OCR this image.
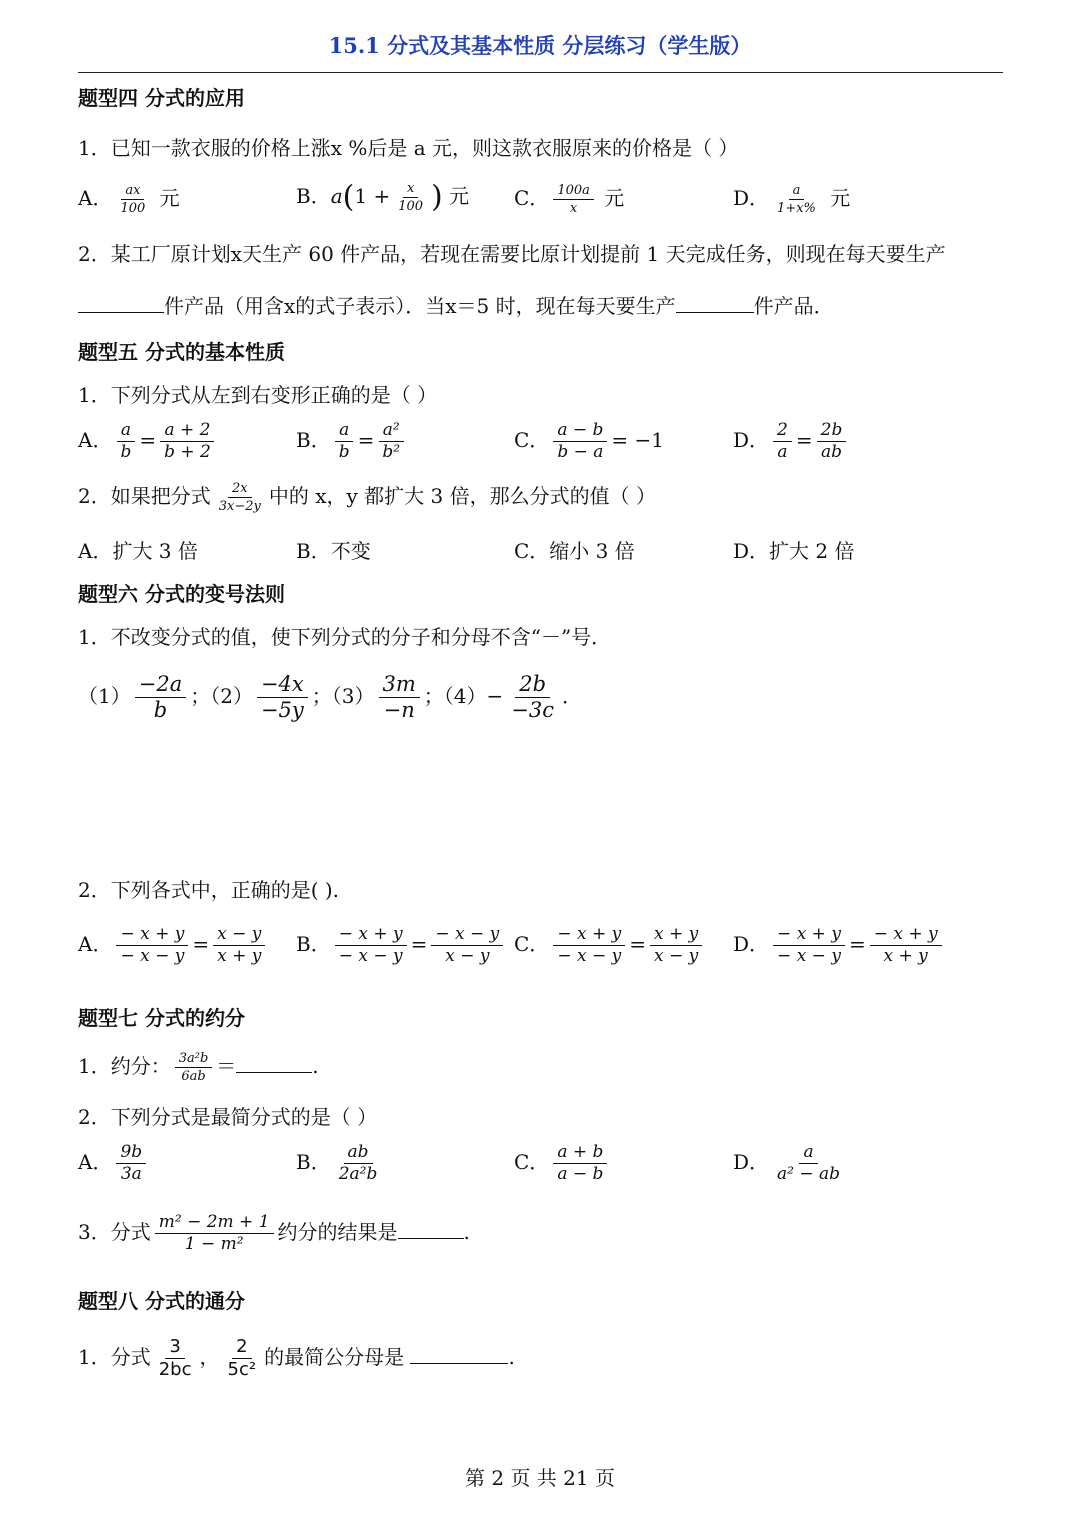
15.1 分式及其基本性质 分层练习（学生版）
题型四 分式的应用
1．已知一款衣服的价格上涨x %后是 a 元，则这款衣服原来的价格是（ ）
A． $\frac{ax}{100}$ 元	B．$a(1 + \frac{x}{100}$ ) 元 C． $\frac{100a}{x}$ 元	D． $\frac{a}{1+x\%}$ 元
2．某工厂原计划x天生产 60 件产品，若现在需要比原计划提前 1 天完成任务，则现在每天要生产
件产品（用含x的式子表示）．当x＝5 时，现在每天要生产	件产品．
题型五 分式的基本性质
1．下列分式从左到右变形正确的是（ ）
A． $\frac{a}{b} = \frac{a + 2}{b + 2}$	B． $\frac{a}{b} = \frac{\text{a²}}{\text{b²}}$	C． $\frac{a - b}{b - a} = -1$	D． $\frac{2}{a} = \frac{2b}{ab}$
2．如果把分式 $\frac{2x}{3x-2y}$ 中的 x，y 都扩大 3 倍，那么分式的值（ ）
A．扩大 3 倍	B．不变	C．缩小 3 倍	D．扩大 2 倍
题型六 分式的变号法则
1．不改变分式的值，使下列分式的分子和分母不含“－”号．
$(1) \frac{-2a}{b}$ ；$(2) \frac{-4x}{-5y}$ ；$(3) \frac{3m}{-n}$ ；$(4)- \frac{2b}{-3c}$ ．
2．下列各式中，正确的是( ).
A． $\frac{- x + y}{- x - y} = \frac{x - y}{x + y}$ B． $\frac{- x + y}{- x - y} = \frac{- x - y}{x - y}$ C． $\frac{- x + y}{- x - y} = \frac{x + y}{x - y}$ D． $\frac{- x + y}{- x - y} = \frac{- x + y}{x + y}$
题型七 分式的约分
1．约分： $\frac{\text{3a²b}}{6ab}$ ＝	.
2．下列分式是最简分式的是（ ）
A． $\frac{9b}{3a}$	B． $\frac{ab}{\text{2a²b}}$	C． $\frac{a + b}{a - b}$	D． $\frac{a}{\text{a² − ab}}$
3．分式 $\frac{\text{m² − 2m + 1}}{\text{1 − m²}}$ 约分的结果是	.
题型八 分式的通分
1．分式 $\frac{3}{2bc}$ ， $\frac{2}{\text{5c²}}$ 的最简公分母是	.
第 2 页 共 21 页
